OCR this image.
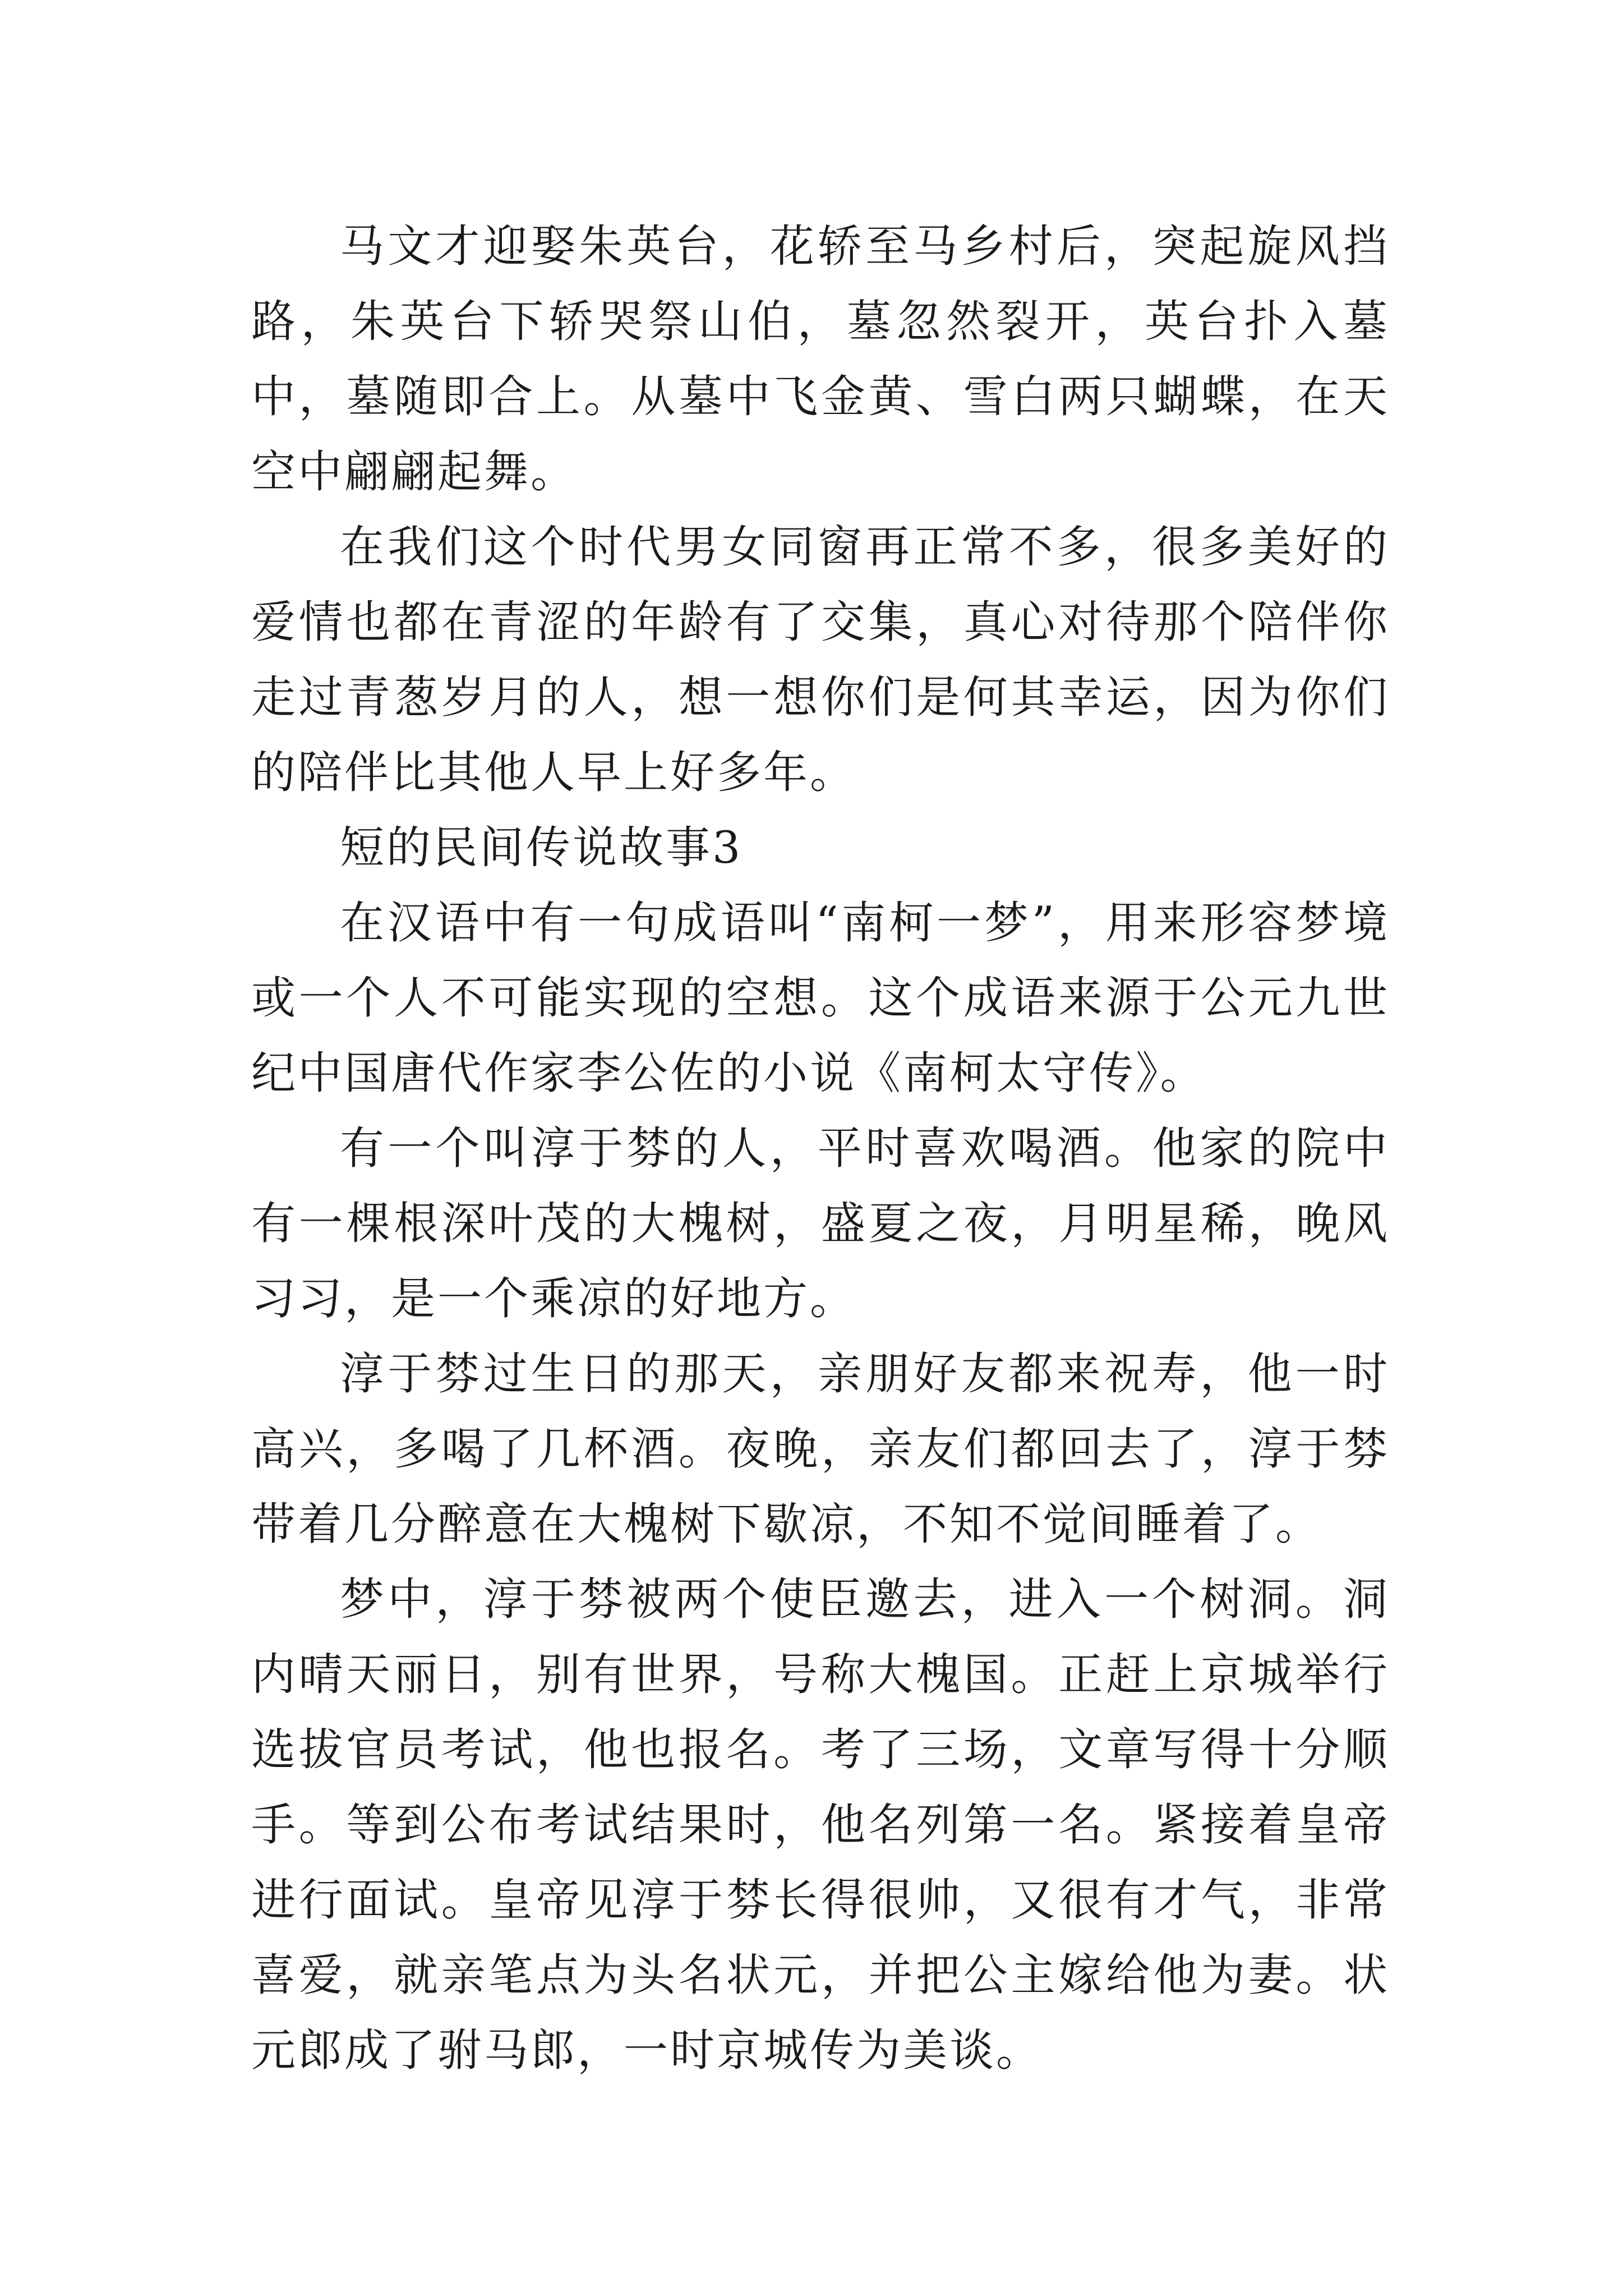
马文才迎娶朱英台，花轿至马乡村后，突起旋风挡路，朱英台下轿哭祭山伯，墓忽然裂开，英台扑入墓中，墓随即合上。从墓中飞金黄、雪白两只蝴蝶，在天空中翩翩起舞。

在我们这个时代男女同窗再正常不多，很多美好的爱情也都在青涩的年龄有了交集，真心对待那个陪伴你走过青葱岁月的人，想一想你们是何其幸运，因为你们的陪伴比其他人早上好多年。

短的民间传说故事3

在汉语中有一句成语叫“南柯一梦”，用来形容梦境或一个人不可能实现的空想。这个成语来源于公元九世纪中国唐代作家李公佐的小说《南柯太守传》。

有一个叫淳于棼的人，平时喜欢喝酒。他家的院中有一棵根深叶茂的大槐树，盛夏之夜，月明星稀，晚风习习，是一个乘凉的好地方。

淳于棼过生日的那天，亲朋好友都来祝寿，他一时高兴，多喝了几杯酒。夜晚，亲友们都回去了，淳于棼带着几分醉意在大槐树下歇凉，不知不觉间睡着了。

梦中，淳于棼被两个使臣邀去，进入一个树洞。洞内晴天丽日，别有世界，号称大槐国。正赶上京城举行选拔官员考试，他也报名。考了三场，文章写得十分顺手。等到公布考试结果时，他名列第一名。紧接着皇帝进行面试。皇帝见淳于棼长得很帅，又很有才气，非常喜爱，就亲笔点为头名状元，并把公主嫁给他为妻。状元郎成了驸马郎，一时京城传为美谈。
